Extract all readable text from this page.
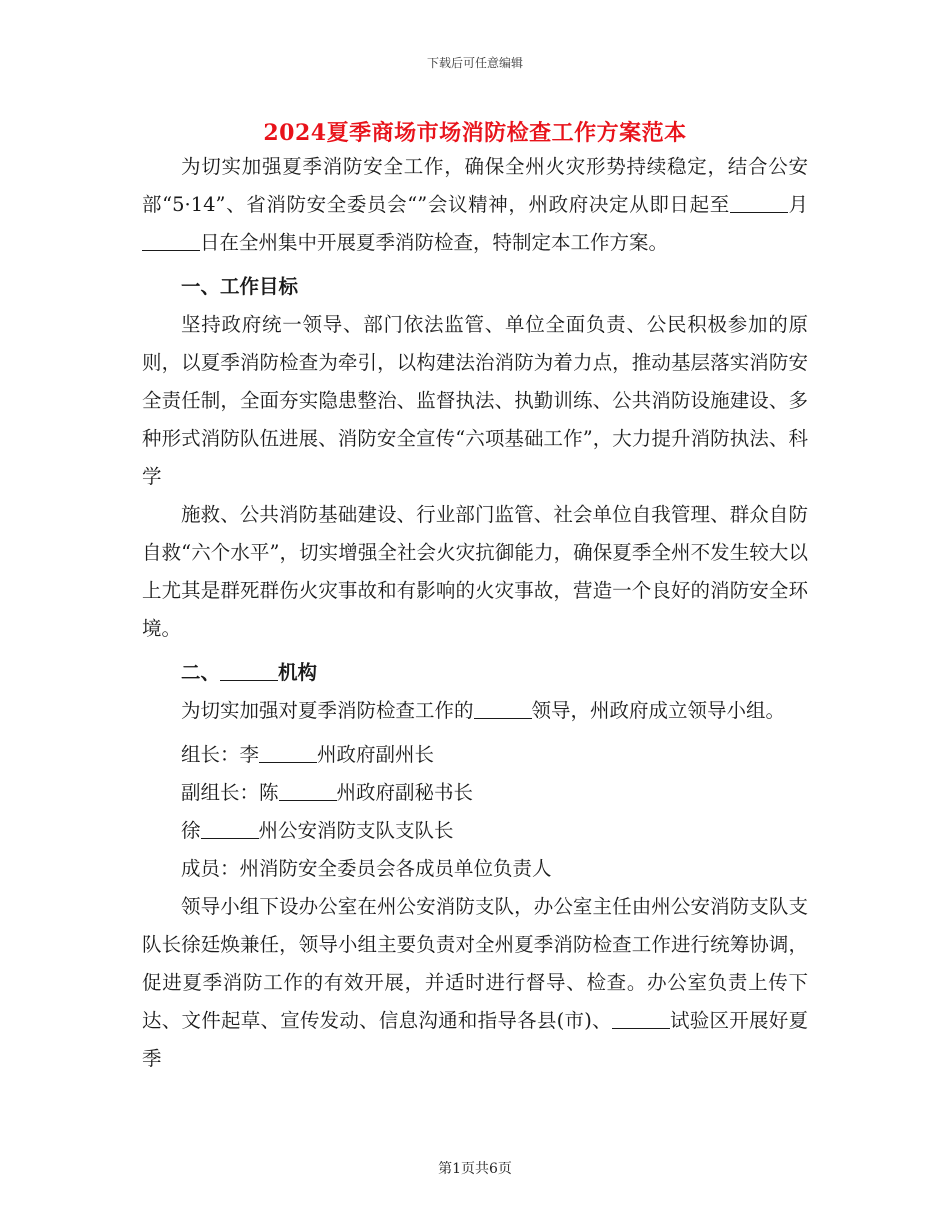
下载后可任意编辑
2024夏季商场市场消防检查工作方案范本

为切实加强夏季消防安全工作，确保全州火灾形势持续稳定，结合公安部“5·14”、省消防安全委员会“”会议精神，州政府决定从即日起至	月日在全州集中开展夏季消防检查，特制定本工作方案。

一、工作目标

坚持政府统一领导、部门依法监管、单位全面负责、公民积极参加的原则，以夏季消防检查为牵引，以构建法治消防为着力点，推动基层落实消防安全责任制，全面夯实隐患整治、监督执法、执勤训练、公共消防设施建设、多种形式消防队伍进展、消防安全宣传“六项基础工作”，大力提升消防执法、科学

施救、公共消防基础建设、行业部门监管、社会单位自我管理、群众自防自救“六个水平”，切实增强全社会火灾抗御能力，确保夏季全州不发生较大以上尤其是群死群伤火灾事故和有影响的火灾事故，营造一个良好的消防安全环境。

二、	机构

为切实加强对夏季消防检查工作的	领导，州政府成立领导小组。

组长：李	州政府副州长

副组长：陈	州政府副秘书长

徐	州公安消防支队支队长

成员：州消防安全委员会各成员单位负责人

领导小组下设办公室在州公安消防支队，办公室主任由州公安消防支队支队长徐廷焕兼任，领导小组主要负责对全州夏季消防检查工作进行统筹协调，促进夏季消防工作的有效开展，并适时进行督导、检查。办公室负责上传下达、文件起草、宣传发动、信息沟通和指导各县(市)、	试验区开展好夏季

第1页共6页
